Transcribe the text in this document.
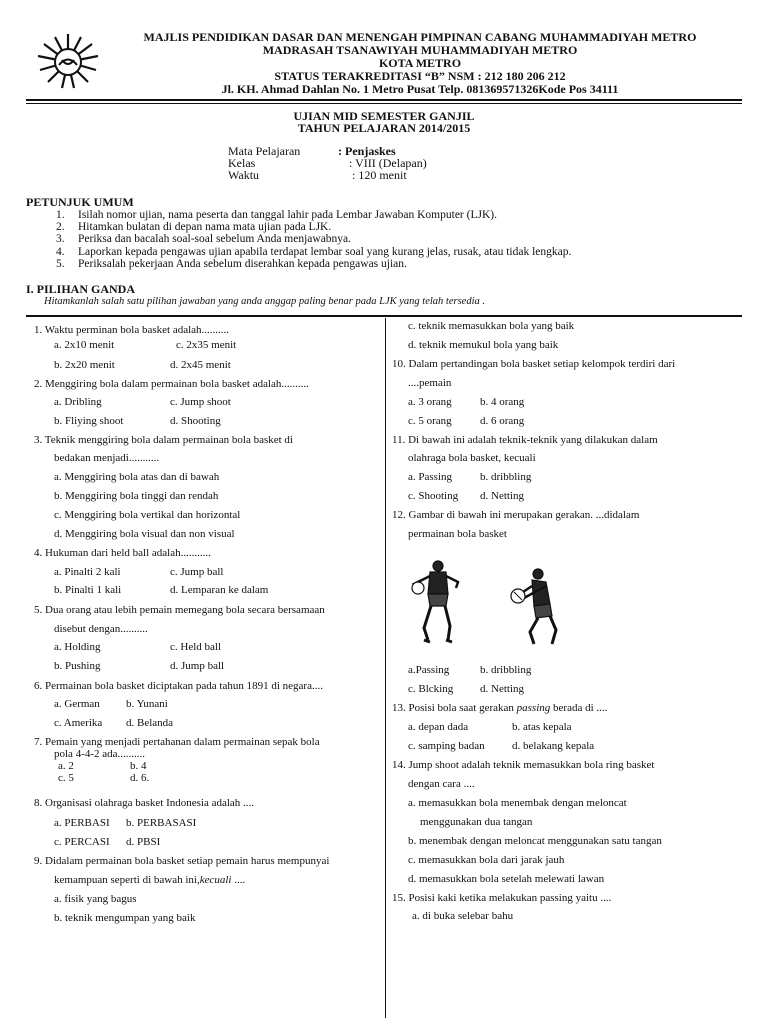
MAJLIS PENDIDIKAN DASAR DAN MENENGAH PIMPINAN CABANG MUHAMMADIYAH METRO
MADRASAH TSANAWIYAH MUHAMMADIYAH METRO
KOTA METRO
STATUS TERAKREDITASI “B” NSM : 212 180 206 212
Jl. KH. Ahmad Dahlan No. 1 Metro Pusat Telp. 081369571326Kode Pos 34111
UJIAN MID SEMESTER GANJIL
TAHUN PELAJARAN 2014/2015
Mata Pelajaran	: Penjaskes
Kelas	: VIII (Delapan)
Waktu	: 120 menit
PETUNJUK UMUM
1. Isilah nomor ujian, nama peserta dan tanggal lahir pada Lembar Jawaban Komputer (LJK).
2. Hitamkan bulatan di depan nama mata ujian pada LJK.
3. Periksa dan bacalah soal-soal sebelum Anda menjawabnya.
4. Laporkan kepada pengawas ujian apabila terdapat lembar soal yang kurang jelas, rusak, atau tidak lengkap.
5. Periksalah pekerjaan Anda sebelum diserahkan kepada pengawas ujian.
I. PILIHAN GANDA
Hitamkanlah salah satu pilihan jawaban yang anda anggap paling benar pada LJK yang telah tersedia .
1. Waktu perminan bola basket adalah..........
a. 2x10 menit	c. 2x35 menit
b. 2x20 menit	d. 2x45 menit
2. Menggiring bola dalam permainan bola basket adalah..........
a. Dribling	c. Jump shoot
b. Fliying shoot	d. Shooting
3. Teknik menggiring bola dalam permainan bola basket di
bedakan menjadi...........
a. Menggiring bola atas dan di bawah
b. Menggiring bola tinggi dan rendah
c. Menggiring bola vertikal dan horizontal
d. Menggiring bola visual dan non visual
4. Hukuman dari held ball adalah...........
a. Pinalti 2 kali	c. Jump ball
b. Pinalti 1 kali	d. Lemparan ke dalam
5. Dua orang atau lebih pemain memegang bola secara bersamaan
disebut dengan..........
a. Holding	c. Held ball
b. Pushing	d. Jump ball
6. Permainan bola basket diciptakan pada tahun 1891 di negara....
a. German b. Yunani
c. Amerika d. Belanda
7. Pemain yang menjadi pertahanan dalam permainan sepak bola
pola 4-4-2 ada..........
a. 2	b. 4
c. 5	d. 6.
8. Organisasi olahraga basket Indonesia adalah ....
a. PERBASI b. PERBASASI
c. PERCASI d. PBSI
9. Didalam permainan bola basket setiap pemain harus mempunyai
kemampuan seperti di bawah ini,kecuali ....
a. fisik yang bagus
b. teknik mengumpan yang baik
c. teknik memasukkan bola yang baik
d. teknik memukul bola yang baik
10. Dalam pertandingan bola basket setiap kelompok terdiri dari
....pemain
a. 3 orang	b. 4 orang
c. 5 orang	d. 6 orang
11. Di bawah ini adalah teknik-teknik yang dilakukan dalam
olahraga bola basket, kecuali
a. Passing	b. dribbling
c. Shooting d. Netting
12. Gambar di bawah ini merupakan gerakan. ...didalam
permainan bola basket
a.Passing	b. dribbling
c. Blcking d. Netting
13. Posisi bola saat gerakan passing berada di ....
a. depan dada	b. atas kepala
c. samping badan d. belakang kepala
14. Jump shoot adalah teknik memasukkan bola ring basket
dengan cara ....
a. memasukkan bola menembak dengan meloncat
menggunakan dua tangan
b. menembak dengan meloncat menggunakan satu tangan
c. memasukkan bola dari jarak jauh
d. memasukkan bola setelah melewati lawan
15. Posisi kaki ketika melakukan passing yaitu ....
a. di buka selebar bahu
